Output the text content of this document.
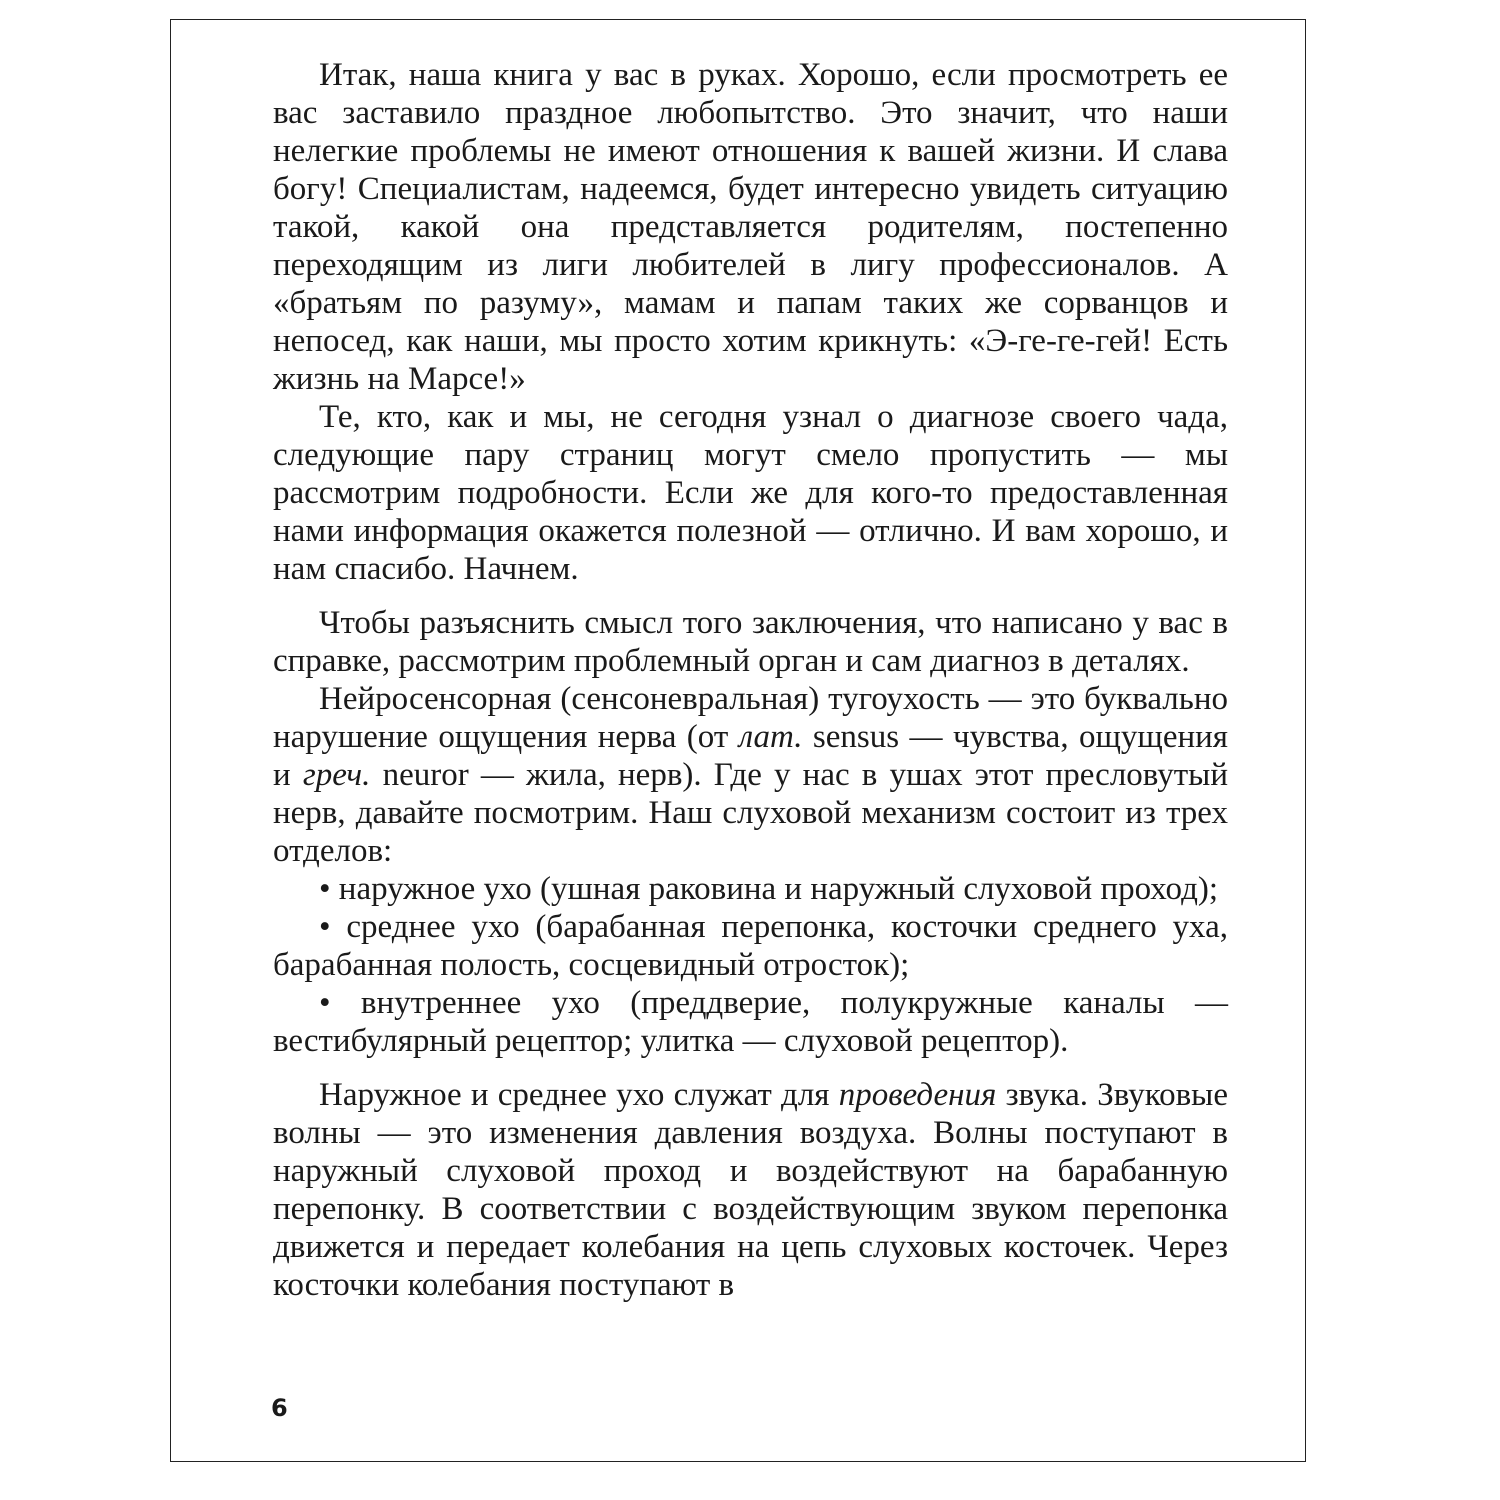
Итак, наша книга у вас в руках. Хорошо, если просмотреть ее вас заставило праздное любопытство. Это значит, что наши нелегкие проблемы не имеют отношения к вашей жизни. И слава богу! Специалистам, надеемся, будет интересно увидеть ситуацию такой, какой она представляется родителям, постепенно переходящим из лиги любителей в лигу профессионалов. А «братьям по разуму», мамам и папам таких же сорванцов и непосед, как наши, мы просто хотим крикнуть: «Э-ге-ге-гей! Есть жизнь на Марсе!»

Те, кто, как и мы, не сегодня узнал о диагнозе своего чада, следующие пару страниц могут смело пропустить — мы рассмотрим подробности. Если же для кого-то предоставленная нами информация окажется полезной — отлично. И вам хорошо, и нам спасибо. Начнем.

Чтобы разъяснить смысл того заключения, что написано у вас в справке, рассмотрим проблемный орган и сам диагноз в деталях.

Нейросенсорная (сенсоневральная) тугоухость — это буквально нарушение ощущения нерва (от лат. sensus — чувства, ощущения и греч. neuror — жила, нерв). Где у нас в ушах этот пресловутый нерв, давайте посмотрим. Наш слуховой механизм состоит из трех отделов:

• наружное ухо (ушная раковина и наружный слуховой проход);

• среднее ухо (барабанная перепонка, косточки среднего уха, барабанная полость, сосцевидный отросток);

• внутреннее ухо (преддверие, полукружные каналы — вестибулярный рецептор; улитка — слуховой рецептор).

Наружное и среднее ухо служат для проведения звука. Звуковые волны — это изменения давления воздуха. Волны поступают в наружный слуховой проход и воздействуют на барабанную перепонку. В соответствии с воздействующим звуком перепонка движется и передает колебания на цепь слуховых косточек. Через косточки колебания поступают в

6
